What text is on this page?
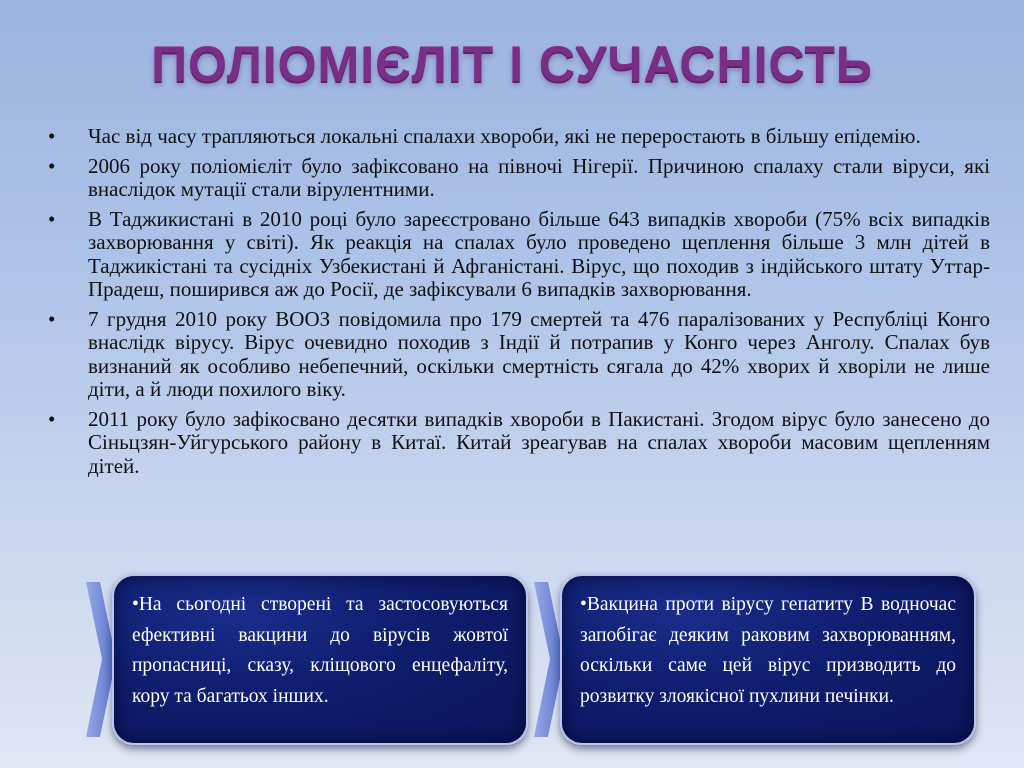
ПОЛІОМІЄЛІТ І СУЧАСНІСТЬ
•	Час від часу трапляються локальні спалахи хвороби, які не переростають в більшу епідемію.
•	2006 року поліомієліт було зафіксовано на півночі Нігерії. Причиною спалаху стали віруси, які внаслідок мутації стали вірулентними.
•	В Таджикистані в 2010 році було зареєстровано більше 643 випадків хвороби (75% всіх випадків захворювання у світі). Як реакція на спалах було проведено щеплення більше 3 млн дітей в Таджикістані та сусідніх Узбекистані й Афганістані. Вірус, що походив з індійського штату Уттар-Прадеш, поширився аж до Росії, де зафіксували 6 випадків захворювання.
•	7 грудня 2010 року ВООЗ повідомила про 179 смертей та 476 паралізованих у Республіці Конго внаслідк вірусу. Вірус очевидно походив з Індії й потрапив у Конго через Анголу. Спалах був визнаний як особливо небепечний, оскільки смертність сягала до 42% хворих й хворіли не лише діти, а й люди похилого віку.
•	2011 року було зафікосвано десятки випадків хвороби в Пакистані. Згодом вірус було занесено до Сіньцзян-Уйгурського району в Китаї. Китай зреагував на спалах хвороби масовим щепленням дітей.
•На сьогодні створені та застосовуються ефективні вакцини до вірусів жовтої пропасниці, сказу, кліщового енцефаліту, кору та багатьох інших.
•Вакцина проти вірусу гепатиту В водночас запобігає деяким раковим захворюванням, оскільки саме цей вірус призводить до розвитку злоякісної пухлини печінки.
